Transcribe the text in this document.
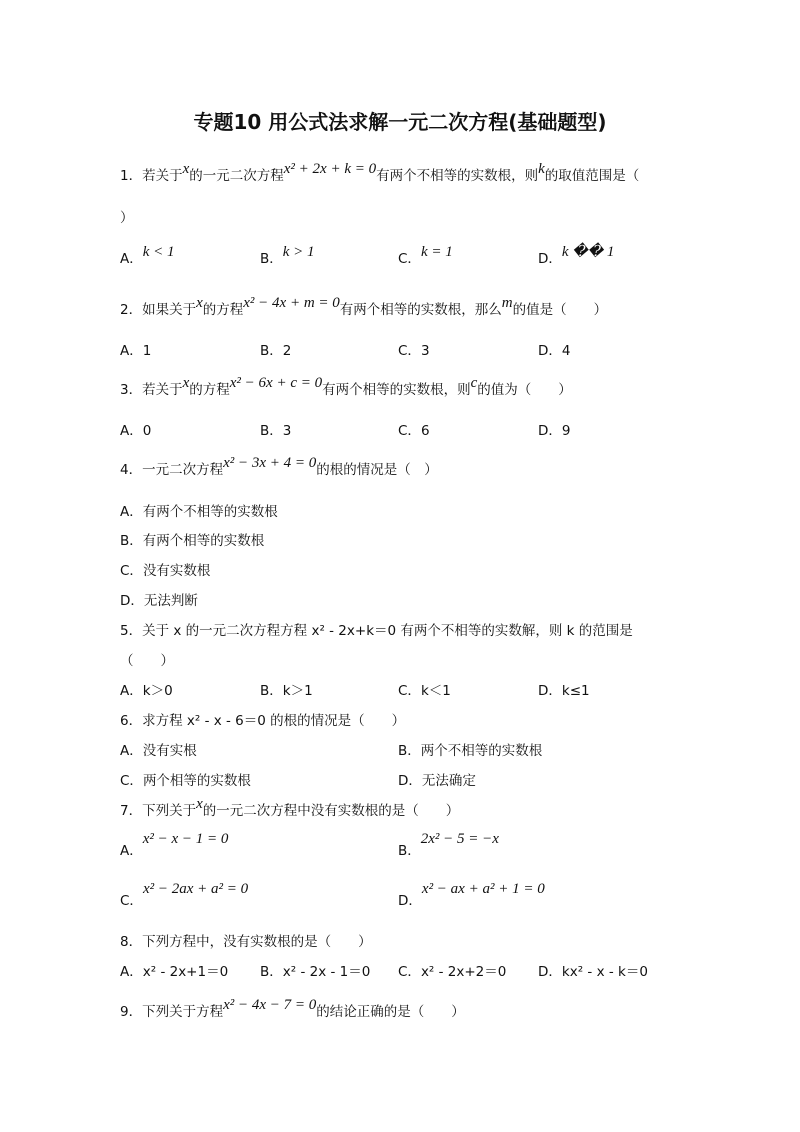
专题10 用公式法求解一元二次方程(基础题型)
1．若关于x的一元二次方程x² + 2x + k = 0有两个不相等的实数根，则k的取值范围是（
）
A．k < 1	B．k > 1	C．k = 1	D．k �� 1
2．如果关于x的方程x² − 4x + m = 0有两个相等的实数根，那么m的值是（　　）
A．1	B．2	C．3	D．4
3．若关于x的方程x² − 6x + c = 0有两个相等的实数根，则c的值为（　　）
A．0	B．3	C．6	D．9
4．一元二次方程x² − 3x + 4 = 0的根的情况是（　）
A．有两个不相等的实数根
B．有两个相等的实数根
C．没有实数根
D．无法判断
5．关于 x 的一元二次方程方程 x² - 2x+k＝0 有两个不相等的实数解，则 k 的范围是
（　　）
A．k＞0	B．k＞1	C．k＜1	D．k≤1
6．求方程 x² - x - 6＝0 的根的情况是（　　）
A．没有实根	B．两个不相等的实数根
C．两个相等的实数根	D．无法确定
7．下列关于x的一元二次方程中没有实数根的是（　　）
A．x² − x − 1 = 0
B．2x² − 5 = −x
C．x² − 2ax + a² = 0
D．x² − ax + a² + 1 = 0
8．下列方程中，没有实数根的是（　　）
A．x² - 2x+1＝0 B．x² - 2x - 1＝0 C．x² - 2x+2＝0 D．kx² - x - k＝0
9．下列关于方程x² − 4x − 7 = 0的结论正确的是（　　）
